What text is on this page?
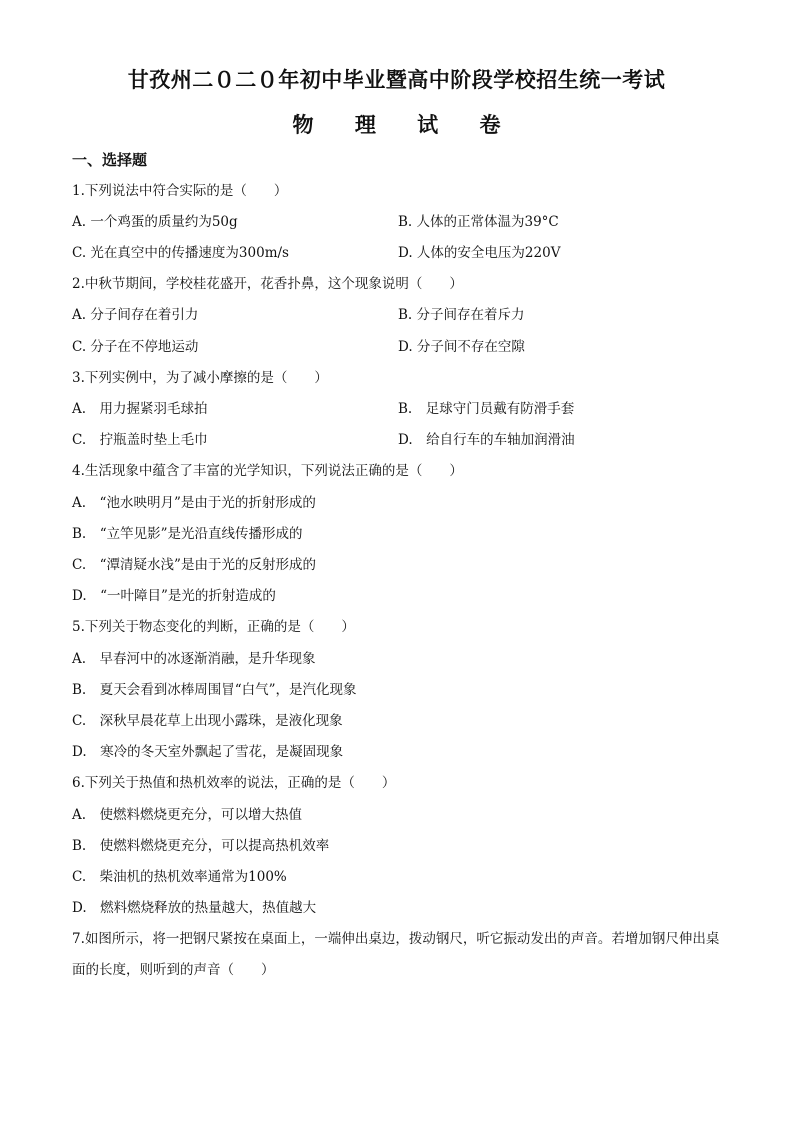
甘孜州二０二０年初中毕业暨高中阶段学校招生统一考试
物 理 试 卷
一、选择题
1.下列说法中符合实际的是（　　）
A. 一个鸡蛋的质量约为50g	B. 人体的正常体温为39°C
C. 光在真空中的传播速度为300m/s	D. 人体的安全电压为220V
2.中秋节期间，学校桂花盛开，花香扑鼻，这个现象说明（　　）
A. 分子间存在着引力	B. 分子间存在着斥力
C. 分子在不停地运动	D. 分子间不存在空隙
3.下列实例中，为了减小摩擦的是（　　）
A.　用力握紧羽毛球拍	B.　足球守门员戴有防滑手套
C.　拧瓶盖时垫上毛巾	D.　给自行车的车轴加润滑油
4.生活现象中蕴含了丰富的光学知识，下列说法正确的是（　　）
A.　“池水映明月”是由于光的折射形成的
B.　“立竿见影”是光沿直线传播形成的
C.　“潭清疑水浅”是由于光的反射形成的
D.　“一叶障目”是光的折射造成的
5.下列关于物态变化的判断，正确的是（　　）
A.　早春河中的冰逐渐消融，是升华现象
B.　夏天会看到冰棒周围冒“白气”，是汽化现象
C.　深秋早晨花草上出现小露珠，是液化现象
D.　寒冷的冬天室外飘起了雪花，是凝固现象
6.下列关于热值和热机效率的说法，正确的是（　　）
A.　使燃料燃烧更充分，可以增大热值
B.　使燃料燃烧更充分，可以提高热机效率
C.　柴油机的热机效率通常为100%
D.　燃料燃烧释放的热量越大，热值越大
7.如图所示，将一把钢尺紧按在桌面上，一端伸出桌边，拨动钢尺，听它振动发出的声音。若增加钢尺伸出桌面的长度，则听到的声音（　　）
